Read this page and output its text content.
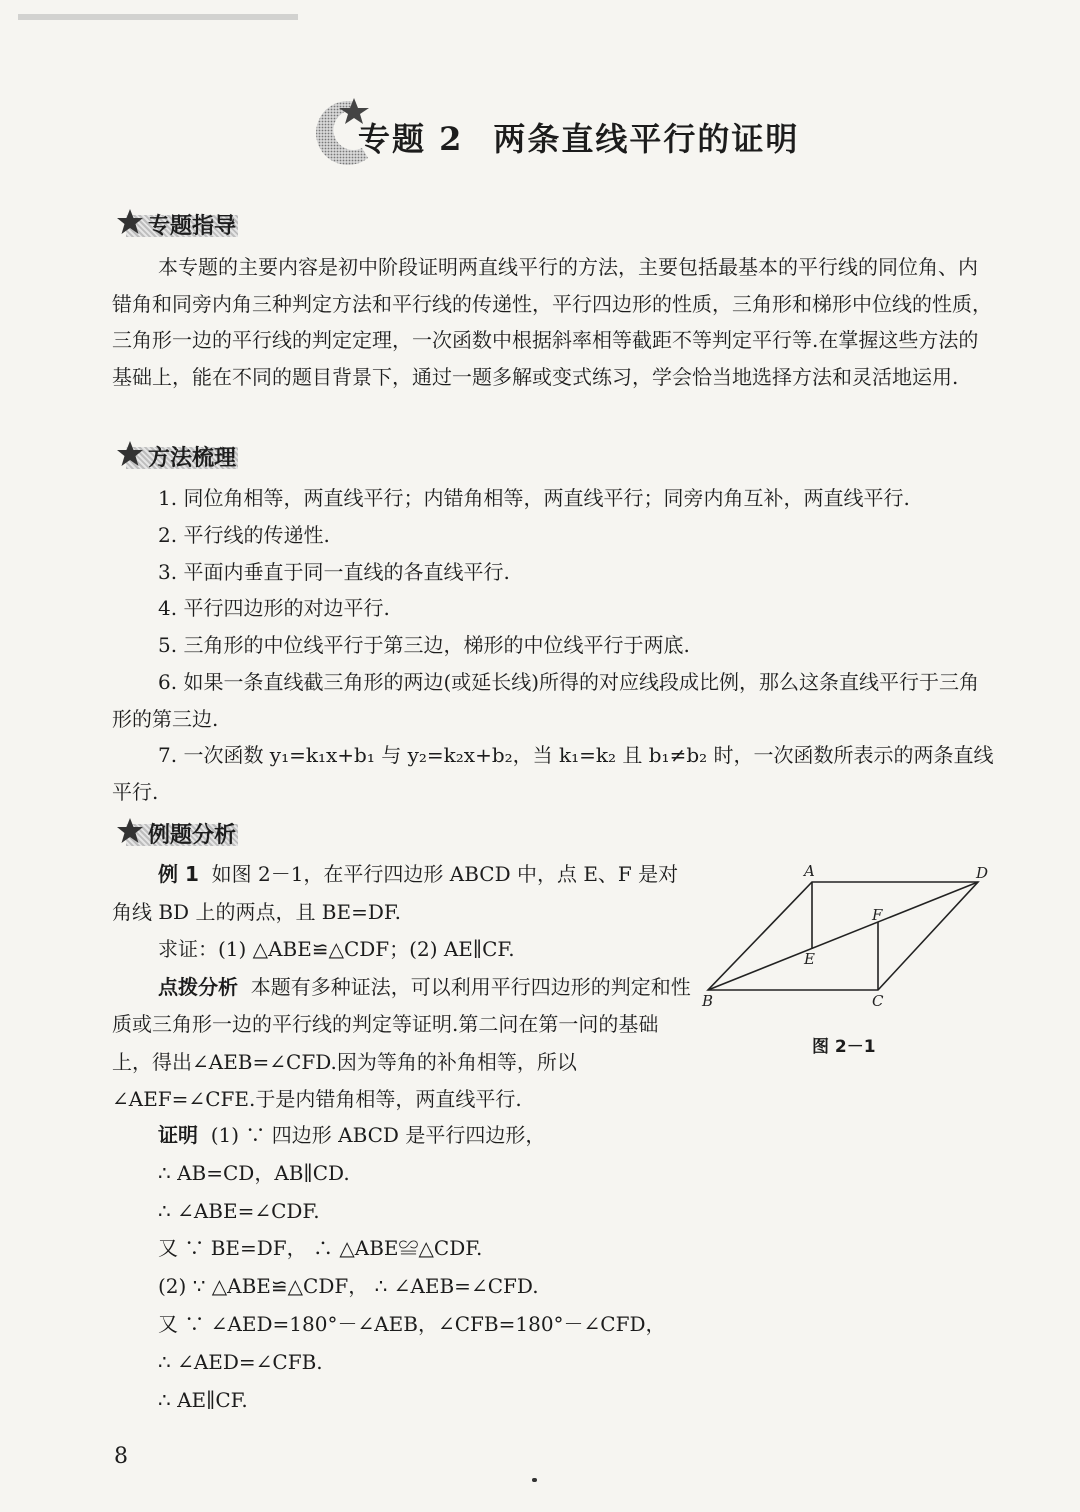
专题 2 两条直线平行的证明
专题指导

本专题的主要内容是初中阶段证明两直线平行的方法，主要包括最基本的平行线的同位角、内错角和同旁内角三种判定方法和平行线的传递性，平行四边形的性质，三角形和梯形中位线的性质，三角形一边的平行线的判定定理，一次函数中根据斜率相等截距不等判定平行等.在掌握这些方法的基础上，能在不同的题目背景下，通过一题多解或变式练习，学会恰当地选择方法和灵活地运用.

方法梳理
1. 同位角相等，两直线平行；内错角相等，两直线平行；同旁内角互补，两直线平行.
2. 平行线的传递性.
3. 平面内垂直于同一直线的各直线平行.
4. 平行四边形的对边平行.
5. 三角形的中位线平行于第三边，梯形的中位线平行于两底.
6. 如果一条直线截三角形的两边(或延长线)所得的对应线段成比例，那么这条直线平行于三角形的第三边.
7. 一次函数 y₁=k₁x+b₁ 与 y₂=k₂x+b₂，当 k₁=k₂ 且 b₁≠b₂ 时，一次函数所表示的两条直线平行.
例题分析

例 1 如图 2－1，在平行四边形 ABCD 中，点 E、F 是对角线 BD 上的两点，且 BE=DF.

求证：(1) △ABE≌△CDF；(2) AE∥CF.

点拨分析 本题有多种证法，可以利用平行四边形的判定和性质或三角形一边的平行线的判定等证明.第二问在第一问的基础上，得出∠AEB=∠CFD.因为等角的补角相等，所以∠AEF=∠CFE.于是内错角相等，两直线平行.

证明 (1) ∵ 四边形 ABCD 是平行四边形，

∴ AB=CD，AB∥CD.

∴ ∠ABE=∠CDF.

又 ∵ BE=DF， ∴ △ABE≌△CDF.

(2) ∵ △ABE≌△CDF， ∴ ∠AEB=∠CFD.

又 ∵ ∠AED=180°－∠AEB，∠CFB=180°－∠CFD，

∴ ∠AED=∠CFB.

∴ AE∥CF.

A	D
F
E
B	C
图 2－1
8
